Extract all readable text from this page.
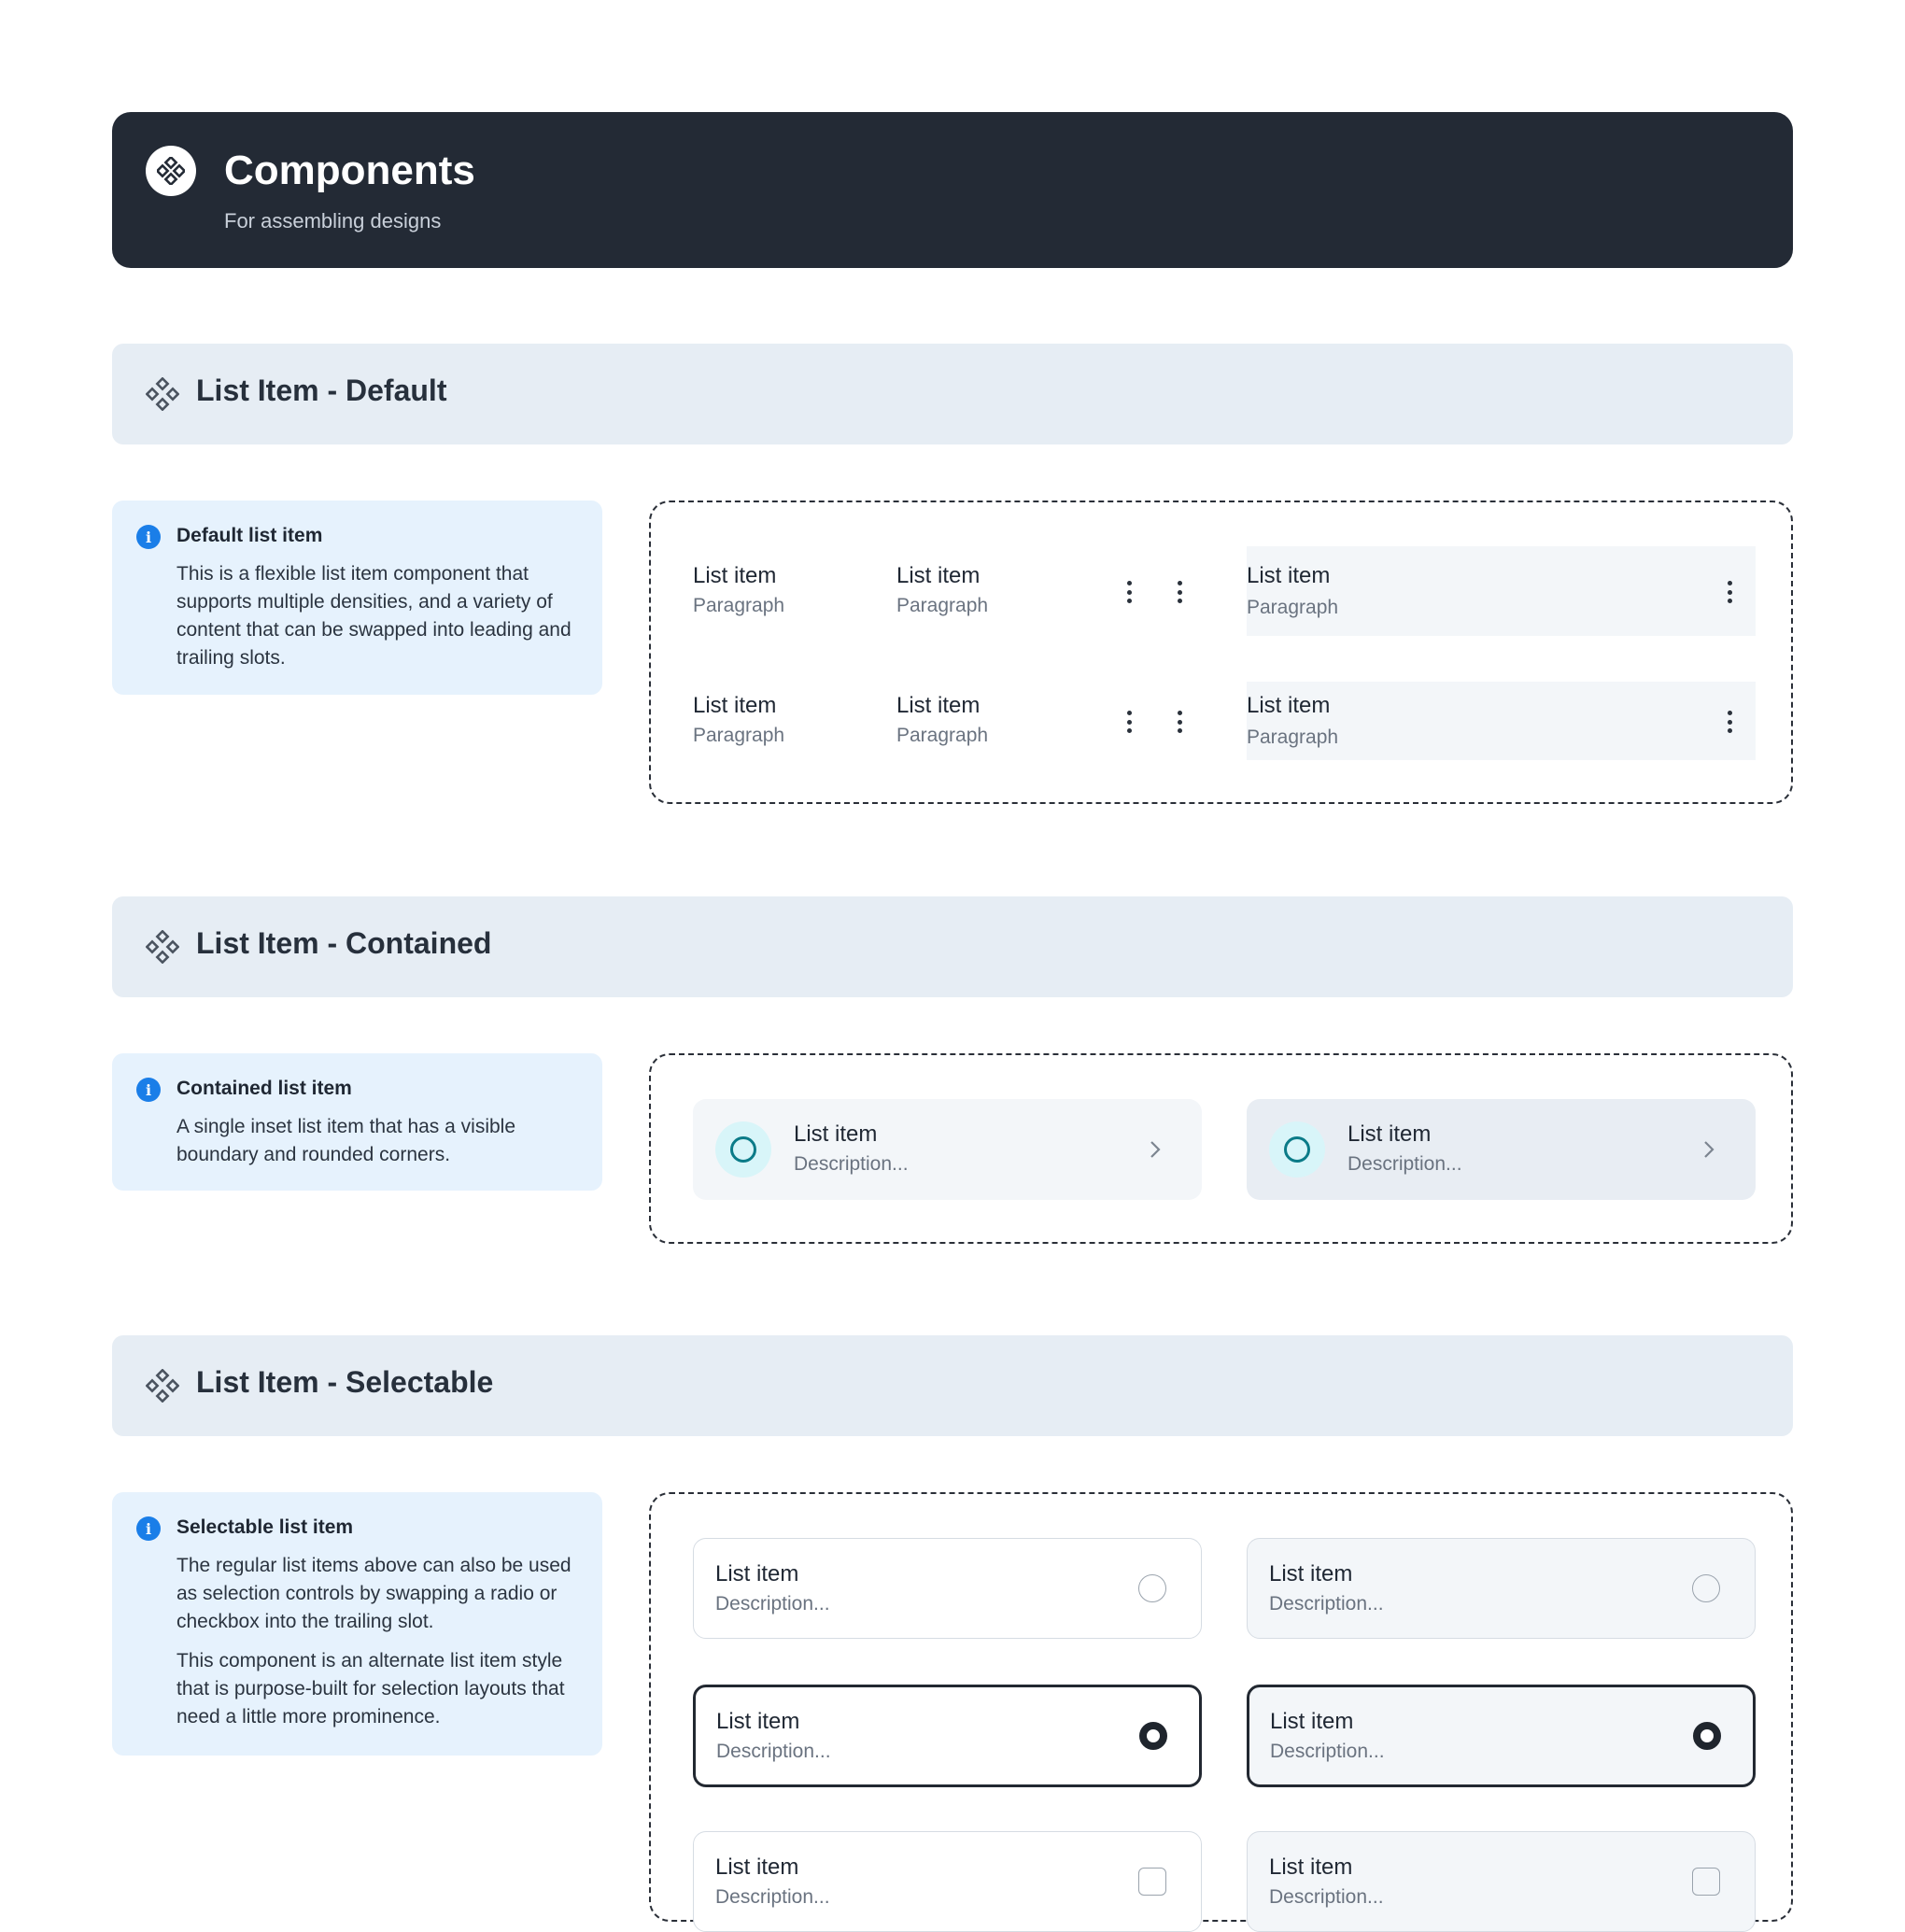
Components
For assembling designs
List Item - Default
i	Default list item

This is a flexible list item component that supports multiple densities, and a variety of content that can be swapped into leading and trailing slots.

List item
Paragraph
List item
Paragraph
List item
Paragraph
List item
Paragraph
List item
Paragraph
List item
Paragraph
List Item - Contained
i	Contained list item

A single inset list item that has a visible boundary and rounded corners.

List item
Description...
List item
Description...
List Item - Selectable
i	Selectable list item

The regular list items above can also be used as selection controls by swapping a radio or checkbox into the trailing slot.

This component is an alternate list item style that is purpose-built for selection layouts that need a little more prominence.

List item
Description...
List item
Description...
List item
Description...
List item
Description...
List item
Description...
List item
Description...
